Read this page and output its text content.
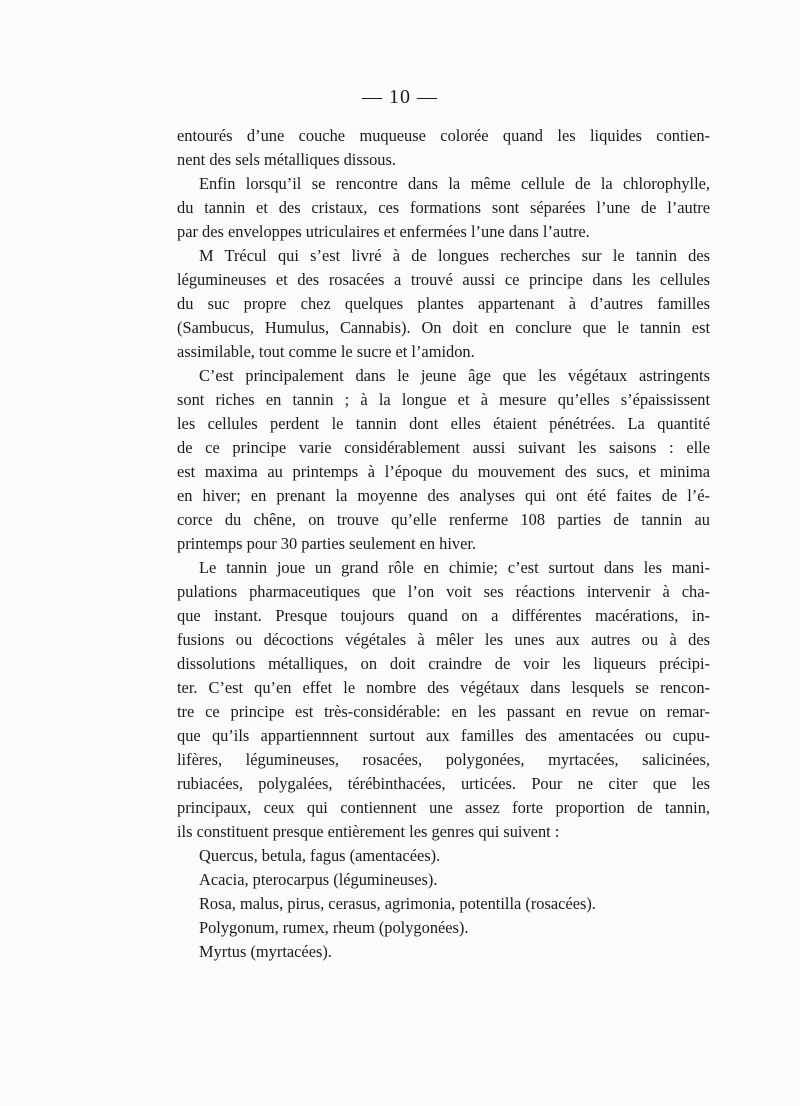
— 10 —
entourés d’une couche muqueuse colorée quand les liquides contien-
nent des sels métalliques dissous.
Enfin lorsqu’il se rencontre dans la même cellule de la chlorophylle,
du tannin et des cristaux, ces formations sont séparées l’une de l’autre
par des enveloppes utriculaires et enfermées l’une dans l’autre.
M Trécul qui s’est livré à de longues recherches sur le tannin des
légumineuses et des rosacées a trouvé aussi ce principe dans les cellules
du suc propre chez quelques plantes appartenant à d’autres familles
(Sambucus, Humulus, Cannabis). On doit en conclure que le tannin est
assimilable, tout comme le sucre et l’amidon.
C’est principalement dans le jeune âge que les végétaux astringents
sont riches en tannin ; à la longue et à mesure qu’elles s’épaississent
les cellules perdent le tannin dont elles étaient pénétrées. La quantité
de ce principe varie considérablement aussi suivant les saisons : elle
est maxima au printemps à l’époque du mouvement des sucs, et minima
en hiver; en prenant la moyenne des analyses qui ont été faites de l’é-
corce du chêne, on trouve qu’elle renferme 108 parties de tannin au
printemps pour 30 parties seulement en hiver.
Le tannin joue un grand rôle en chimie; c’est surtout dans les mani-
pulations pharmaceutiques que l’on voit ses réactions intervenir à cha-
que instant. Presque toujours quand on a différentes macérations, in-
fusions ou décoctions végétales à mêler les unes aux autres ou à des
dissolutions métalliques, on doit craindre de voir les liqueurs précipi-
ter. C’est qu’en effet le nombre des végétaux dans lesquels se rencon-
tre ce principe est très-considérable: en les passant en revue on remar-
que qu’ils appartiennnent surtout aux familles des amentacées ou cupu-
lifères, légumineuses, rosacées, polygonées, myrtacées, salicinées,
rubiacées, polygalées, térébinthacées, urticées. Pour ne citer que les
principaux, ceux qui contiennent une assez forte proportion de tannin,
ils constituent presque entièrement les genres qui suivent :
Quercus, betula, fagus (amentacées).
Acacia, pterocarpus (légumineuses).
Rosa, malus, pirus, cerasus, agrimonia, potentilla (rosacées).
Polygonum, rumex, rheum (polygonées).
Myrtus (myrtacées).
